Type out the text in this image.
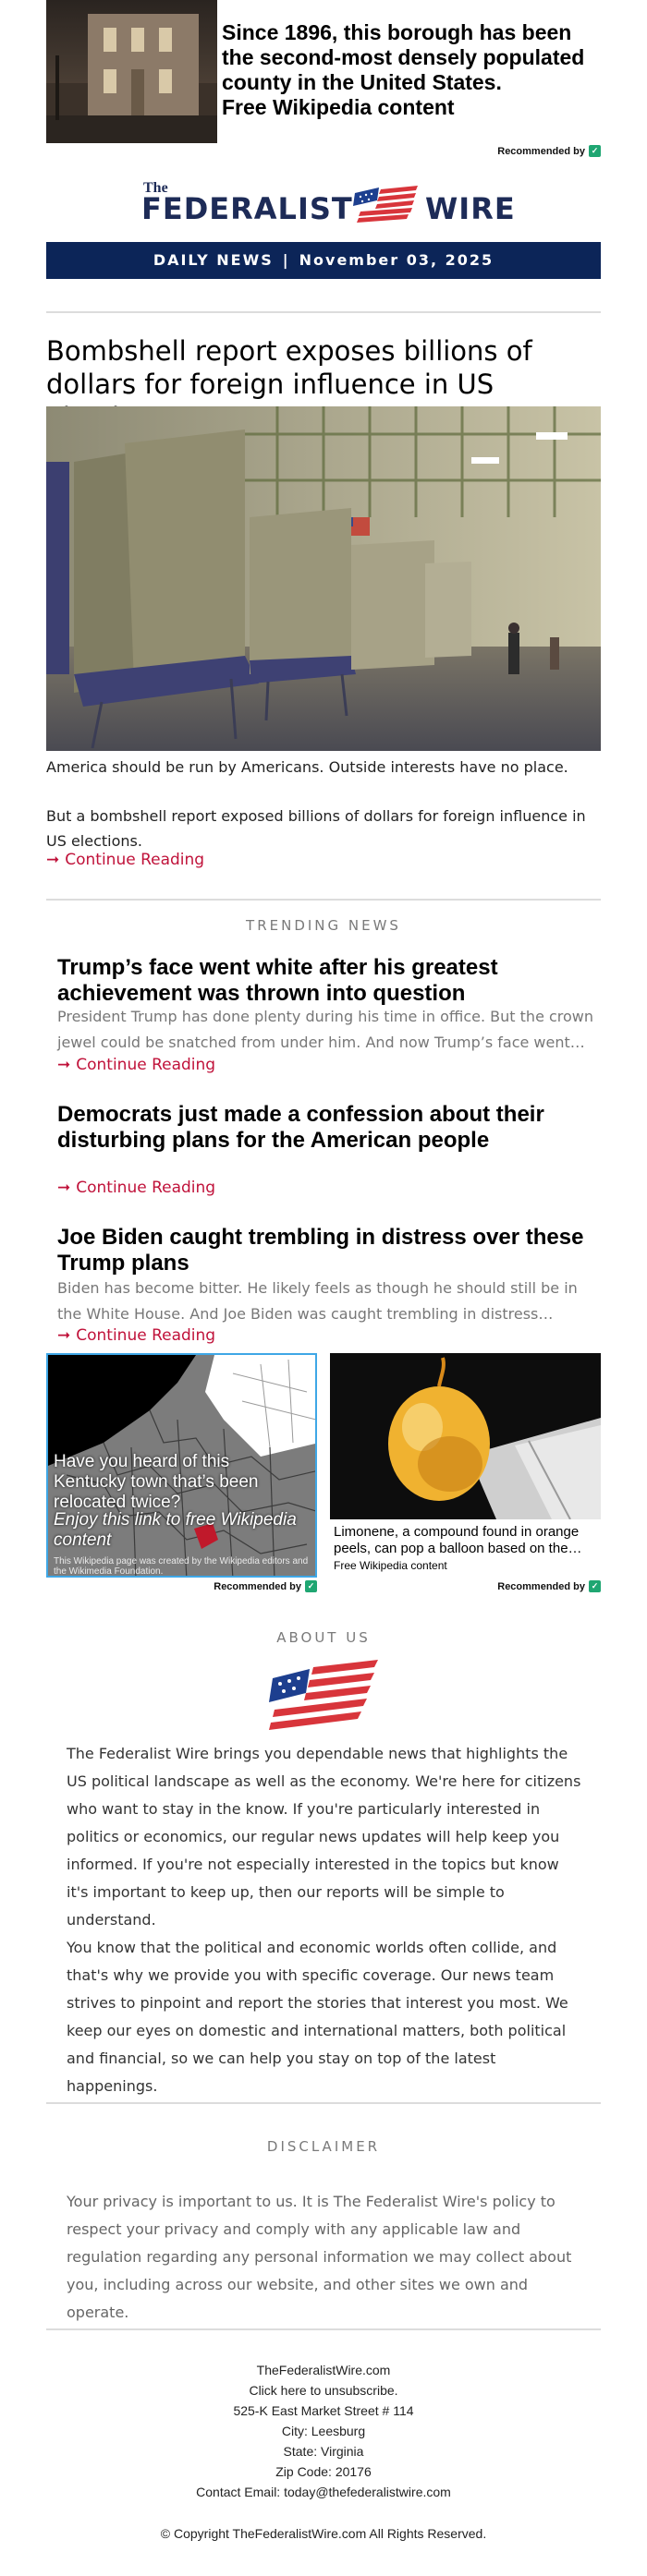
Since 1896, this borough has been the second-most densely populated county in the United States.
Free Wikipedia content
Recommended by ✓
The
FEDERALIST WIRE
DAILY NEWS | November 03, 2025
Bombshell report exposes billions of dollars for foreign influence in US
America should be run by Americans. Outside interests have no place.
But a bombshell report exposed billions of dollars for foreign influence in US elections.
➞ Continue Reading
TRENDING NEWS
Trump’s face went white after his greatest achievement was thrown into question
President Trump has done plenty during his time in office. But the crown jewel could be snatched from under him. And now Trump’s face went…
➞ Continue Reading
Democrats just made a confession about their disturbing plans for the American people
➞ Continue Reading
Joe Biden caught trembling in distress over these Trump plans
Biden has become bitter. He likely feels as though he should still be in the White House. And Joe Biden was caught trembling in distress…
➞ Continue Reading
Have you heard of this Kentucky town that’s been relocated twice?
Enjoy this link to free Wikipedia content
This Wikipedia page was created by the Wikipedia editors and the Wikimedia Foundation.
Recommended by ✓
Limonene, a compound found in orange peels, can pop a balloon based on the…
Free Wikipedia content
Recommended by ✓
ABOUT US
The Federalist Wire brings you dependable news that highlights the US political landscape as well as the economy. We're here for citizens who want to stay in the know. If you're particularly interested in politics or economics, our regular news updates will help keep you informed. If you're not especially interested in the topics but know it's important to keep up, then our reports will be simple to understand.
You know that the political and economic worlds often collide, and that's why we provide you with specific coverage. Our news team strives to pinpoint and report the stories that interest you most. We keep our eyes on domestic and international matters, both political and financial, so we can help you stay on top of the latest happenings.
DISCLAIMER
Your privacy is important to us. It is The Federalist Wire's policy to respect your privacy and comply with any applicable law and regulation regarding any personal information we may collect about you, including across our website, and other sites we own and operate.
TheFederalistWire.com
Click here to unsubscribe.
525-K East Market Street # 114
City: Leesburg
State: Virginia
Zip Code: 20176
Contact Email: today@thefederalistwire.com
© Copyright TheFederalistWire.com All Rights Reserved.
